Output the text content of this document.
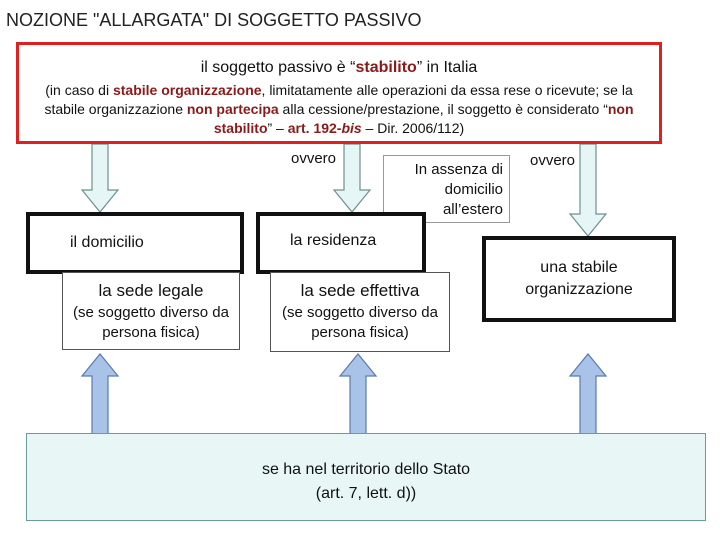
NOZIONE "ALLARGATA" DI SOGGETTO PASSIVO
il soggetto passivo è “stabilito” in Italia
(in caso di stabile organizzazione, limitatamente alle operazioni da essa rese o ricevute; se la stabile organizzazione non partecipa alla cessione/prestazione, il soggetto è considerato “non stabilito” – art. 192-bis – Dir. 2006/112)
ovvero	ovvero
In assenza di domicilio all’estero
il domicilio	la residenza
la sede legale
(se soggetto diverso da persona fisica)
la sede effettiva
(se soggetto diverso da persona fisica)
una stabile organizzazione
se ha nel territorio dello Stato
(art. 7, lett. d))
